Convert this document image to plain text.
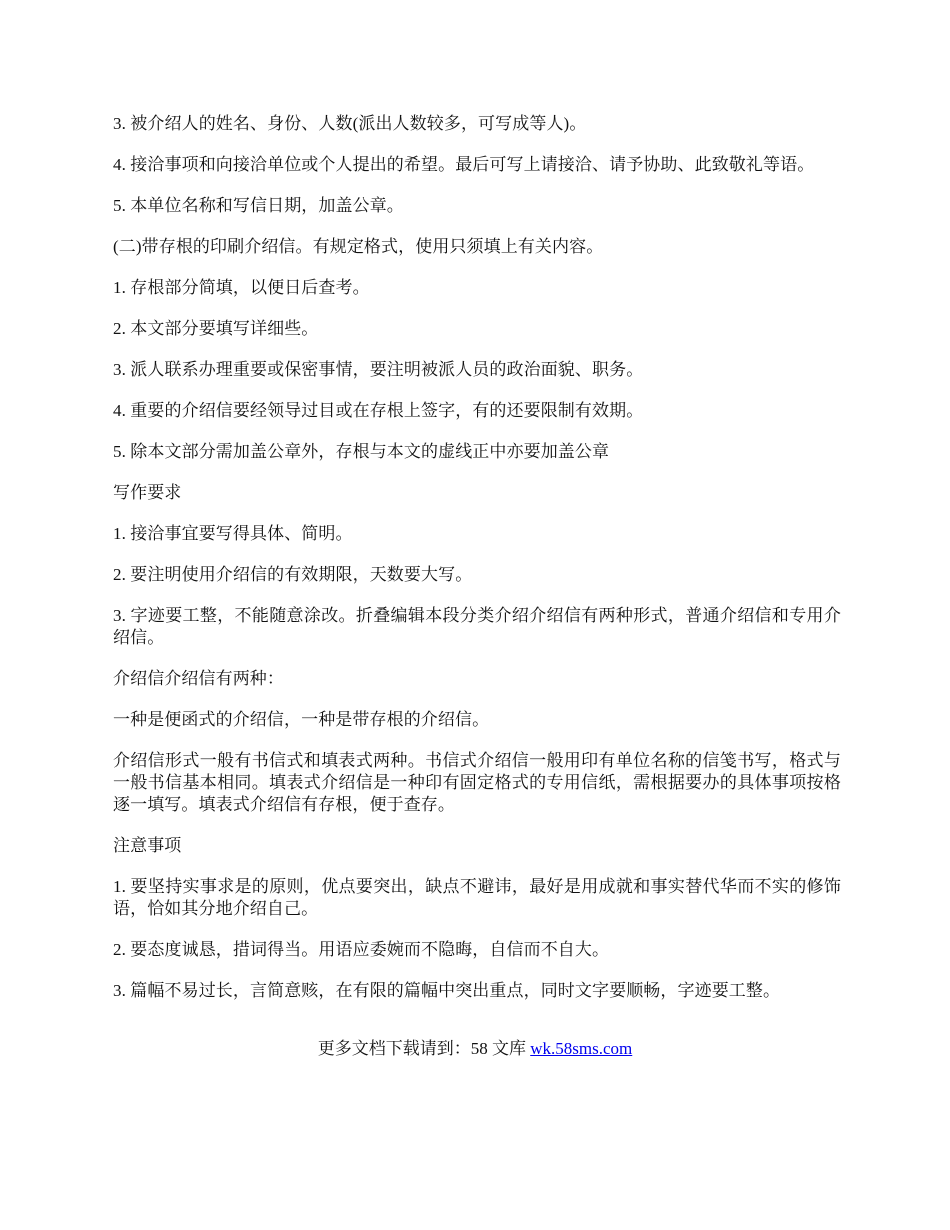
3. 被介绍人的姓名、身份、人数(派出人数较多，可写成等人)。

4. 接洽事项和向接洽单位或个人提出的希望。最后可写上请接洽、请予协助、此致敬礼等语。

5. 本单位名称和写信日期，加盖公章。

(二)带存根的印刷介绍信。有规定格式，使用只须填上有关内容。

1. 存根部分简填，以便日后查考。

2. 本文部分要填写详细些。

3. 派人联系办理重要或保密事情，要注明被派人员的政治面貌、职务。

4. 重要的介绍信要经领导过目或在存根上签字，有的还要限制有效期。

5. 除本文部分需加盖公章外，存根与本文的虚线正中亦要加盖公章

写作要求

1. 接洽事宜要写得具体、简明。

2. 要注明使用介绍信的有效期限，天数要大写。

3. 字迹要工整，不能随意涂改。折叠编辑本段分类介绍介绍信有两种形式，普通介绍信和专用介绍信。

介绍信介绍信有两种：

一种是便函式的介绍信，一种是带存根的介绍信。

介绍信形式一般有书信式和填表式两种。书信式介绍信一般用印有单位名称的信笺书写，格式与一般书信基本相同。填表式介绍信是一种印有固定格式的专用信纸，需根据要办的具体事项按格逐一填写。填表式介绍信有存根，便于查存。

注意事项

1. 要坚持实事求是的原则，优点要突出，缺点不避讳，最好是用成就和事实替代华而不实的修饰语，恰如其分地介绍自己。

2. 要态度诚恳，措词得当。用语应委婉而不隐晦，自信而不自大。

3. 篇幅不易过长，言简意赅，在有限的篇幅中突出重点，同时文字要顺畅，字迹要工整。

更多文档下载请到：58 文库 wk.58sms.com
